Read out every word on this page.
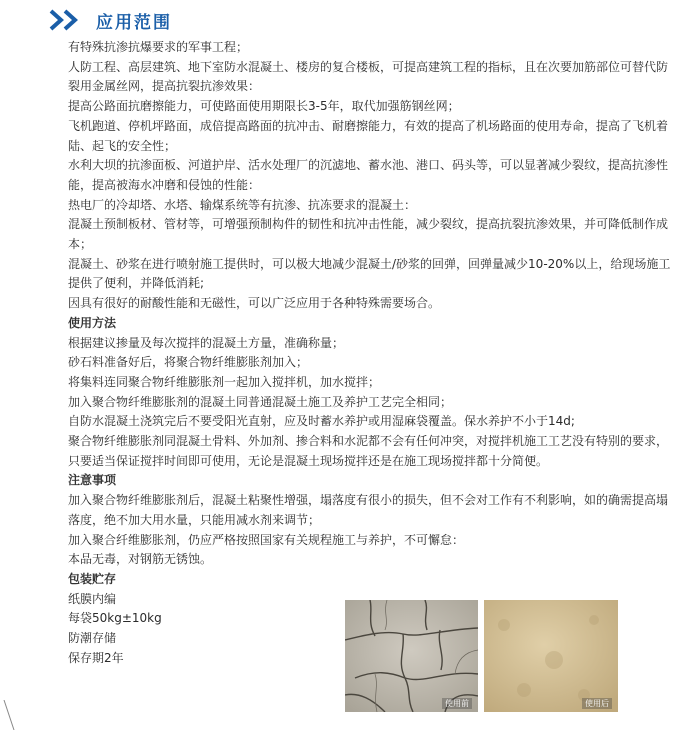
应用范围

有特殊抗渗抗爆要求的军事工程；

人防工程、高层建筑、地下室防水混凝土、楼房的复合楼板，可提高建筑工程的指标，且在次要加筋部位可替代防裂用金属丝网，提高抗裂抗渗效果：

提高公路面抗磨擦能力，可使路面使用期限长3-5年，取代加强筋钢丝网；

飞机跑道、停机坪路面，成倍提高路面的抗冲击、耐磨擦能力，有效的提高了机场路面的使用寿命，提高了飞机着陆、起飞的安全性；

水利大坝的抗渗面板、河道护岸、活水处理厂的沉滤地、蓄水池、港口、码头等，可以显著减少裂纹，提高抗渗性能，提高被海水冲磨和侵蚀的性能：

热电厂的冷却塔、水塔、输煤系统等有抗渗、抗冻要求的混凝土：

混凝土预制板材、管材等，可增强预制构件的韧性和抗冲击性能，减少裂纹，提高抗裂抗渗效果，并可降低制作成本；

混凝土、砂浆在进行喷射施工提供时，可以极大地减少混凝土/砂浆的回弹，回弹量减少10-20%以上，给现场施工提供了便利，并降低消耗;

因具有很好的耐酸性能和无磁性，可以广泛应用于各种特殊需要场合。

使用方法

根据建议掺量及每次搅拌的混凝土方量，准确称量；

砂石料准备好后，将聚合物纤维膨胀剂加入；

将集料连同聚合物纤维膨胀剂一起加入搅拌机，加水搅拌；

加入聚合物纤维膨胀剂的混凝土同普通混凝土施工及养护工艺完全相同；

自防水混凝土浇筑完后不要受阳光直射，应及时蓄水养护或用湿麻袋覆盖。保水养护不小于14d;

聚合物纤维膨胀剂同混凝土骨料、外加剂、掺合料和水泥都不会有任何冲突，对搅拌机施工工艺没有特别的要求，只要适当保证搅拌时间即可使用，无论是混凝土现场搅拌还是在施工现场搅拌都十分简便。

注意事项

加入聚合物纤维膨胀剂后，混凝土粘聚性增强，塌落度有很小的损失，但不会对工作有不利影响，如的确需提高塌落度，绝不加大用水量，只能用减水剂来调节；

加入聚合纤维膨胀剂，仍应严格按照国家有关规程施工与养护，不可懈怠：

本品无毒，对钢筋无锈蚀。

包装贮存

纸膜内编

每袋50kg±10kg

防潮存储

保存期2年

使用前	使用后
